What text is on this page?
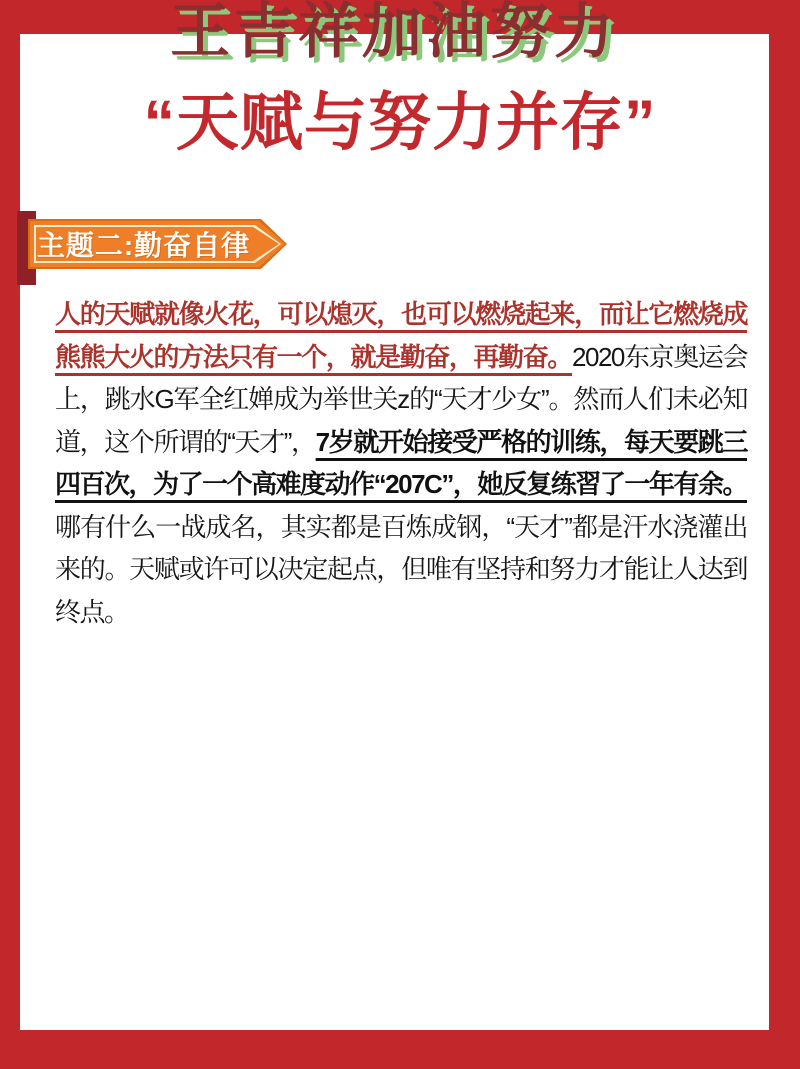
王吉祥加油努力
“天赋与努力并存”
主题二:勤奋自律

人的天赋就像火花，可以熄灭，也可以燃烧起来，而让它燃烧成熊熊大火的方法只有一个，就是勤奋，再勤奋。2020东京奥运会上，跳水G军全红婵成为举世关z的“天才少女”。然而人们未必知道，这个所谓的“天才”，7岁就开始接受严格的训练，每天要跳三四百次，为了一个高难度动作“207C”，她反复练習了一年有余。哪有什么一战成名，其实都是百炼成钢，“天才”都是汗水浇灌出来的。天赋或许可以决定起点，但唯有坚持和努力才能让人达到终点。
